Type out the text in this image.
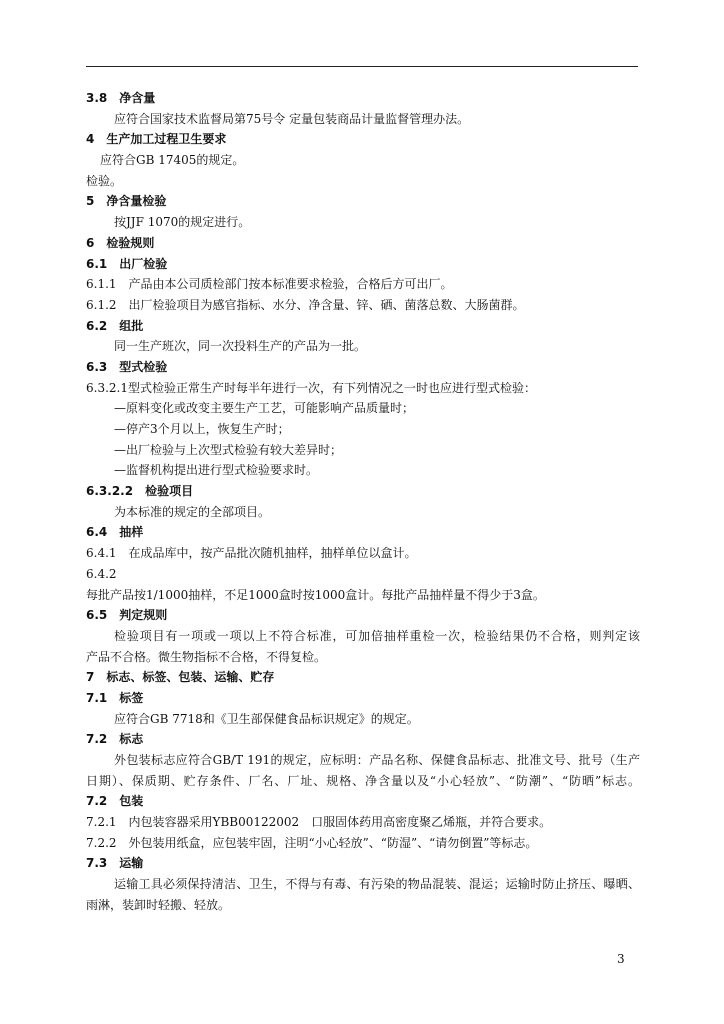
3.8　净含量
应符合国家技术监督局第75号令 定量包装商品计量监督管理办法。
4　生产加工过程卫生要求
应符合GB 17405的规定。
检验。
5　净含量检验
按JJF 1070的规定进行。
6　检验规则
6.1　出厂检验
6.1.1　产品由本公司质检部门按本标准要求检验，合格后方可出厂。
6.1.2　出厂检验项目为感官指标、水分、净含量、锌、硒、菌落总数、大肠菌群。
6.2　组批
同一生产班次，同一次投料生产的产品为一批。
6.3　型式检验
6.3.2.1型式检验正常生产时每半年进行一次，有下列情况之一时也应进行型式检验：
—原料变化或改变主要生产工艺，可能影响产品质量时；
—停产3个月以上，恢复生产时；
—出厂检验与上次型式检验有较大差异时；
—监督机构提出进行型式检验要求时。
6.3.2.2　检验项目
为本标准的规定的全部项目。
6.4　抽样
6.4.1　在成品库中，按产品批次随机抽样，抽样单位以盒计。
6.4.2
每批产品按1/1000抽样，不足1000盒时按1000盒计。每批产品抽样量不得少于3盒。
6.5　判定规则
检验项目有一项或一项以上不符合标准，可加倍抽样重检一次，检验结果仍不合格，则判定该
产品不合格。微生物指标不合格，不得复检。
7　标志、标签、包装、运输、贮存
7.1　标签
应符合GB 7718和《卫生部保健食品标识规定》的规定。
7.2　标志
外包装标志应符合GB/T 191的规定，应标明：产品名称、保健食品标志、批准文号、批号（生产
日期）、保质期、贮存条件、厂名、厂址、规格、净含量以及“小心轻放”、“防潮”、“防晒”标志。
7.2　包装
7.2.1　内包装容器采用YBB00122002　口服固体药用高密度聚乙烯瓶，并符合要求。
7.2.2　外包装用纸盒，应包装牢固，注明“小心轻放”、“防湿”、“请勿倒置”等标志。
7.3　运输
运输工具必须保持清洁、卫生，不得与有毒、有污染的物品混装、混运；运输时防止挤压、曝晒、
雨淋，装卸时轻搬、轻放。
3
